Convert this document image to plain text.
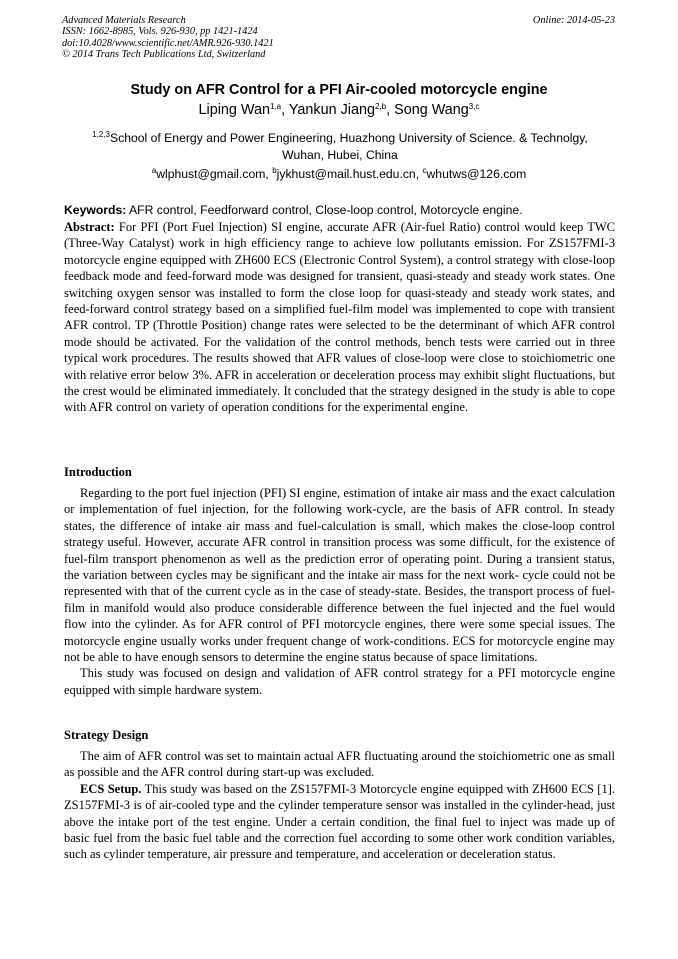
Advanced Materials Research
ISSN: 1662-8985, Vols. 926-930, pp 1421-1424
doi:10.4028/www.scientific.net/AMR.926-930.1421
© 2014 Trans Tech Publications Ltd, Switzerland
Online: 2014-05-23
Study on AFR Control for a PFI Air-cooled motorcycle engine
Liping Wan$^{1,a}$, Yankun Jiang$^{2,b}$, Song Wang$^{3,c}$
$^{1,2,3}$School of Energy and Power Engineering, Huazhong University of Science. & Technolgy, Wuhan, Hubei, China
$^a$wlphust@gmail.com, $^b$jykhust@mail.hust.edu.cn, $^c$whutws@126.com
Keywords: AFR control, Feedforward control, Close-loop control, Motorcycle engine.
Abstract: For PFI (Port Fuel Injection) SI engine, accurate AFR (Air-fuel Ratio) control would keep TWC (Three-Way Catalyst) work in high efficiency range to achieve low pollutants emission. For ZS157FMI-3 motorcycle engine equipped with ZH600 ECS (Electronic Control System), a control strategy with close-loop feedback mode and feed-forward mode was designed for transient, quasi-steady and steady work states. One switching oxygen sensor was installed to form the close loop for quasi-steady and steady work states, and feed-forward control strategy based on a simplified fuel-film model was implemented to cope with transient AFR control. TP (Throttle Position) change rates were selected to be the determinant of which AFR control mode should be activated. For the validation of the control methods, bench tests were carried out in three typical work procedures. The results showed that AFR values of close-loop were close to stoichiometric one with relative error below 3%. AFR in acceleration or deceleration process may exhibit slight fluctuations, but the crest would be eliminated immediately. It concluded that the strategy designed in the study is able to cope with AFR control on variety of operation conditions for the experimental engine.
Introduction

Regarding to the port fuel injection (PFI) SI engine, estimation of intake air mass and the exact calculation or implementation of fuel injection, for the following work-cycle, are the basis of AFR control. In steady states, the difference of intake air mass and fuel-calculation is small, which makes the close-loop control strategy useful. However, accurate AFR control in transition process was some difficult, for the existence of fuel-film transport phenomenon as well as the prediction error of operating point. During a transient status, the variation between cycles may be significant and the intake air mass for the next work- cycle could not be represented with that of the current cycle as in the case of steady-state. Besides, the transport process of fuel-film in manifold would also produce considerable difference between the fuel injected and the fuel would flow into the cylinder. As for AFR control of PFI motorcycle engines, there were some special issues. The motorcycle engine usually works under frequent change of work-conditions. ECS for motorcycle engine may not be able to have enough sensors to determine the engine status because of space limitations.

This study was focused on design and validation of AFR control strategy for a PFI motorcycle engine equipped with simple hardware system.

Strategy Design

The aim of AFR control was set to maintain actual AFR fluctuating around the stoichiometric one as small as possible and the AFR control during start-up was excluded.

ECS Setup. This study was based on the ZS157FMI-3 Motorcycle engine equipped with ZH600 ECS [1]. ZS157FMI-3 is of air-cooled type and the cylinder temperature sensor was installed in the cylinder-head, just above the intake port of the test engine. Under a certain condition, the final fuel to inject was made up of basic fuel from the basic fuel table and the correction fuel according to some other work condition variables, such as cylinder temperature, air pressure and temperature, and acceleration or deceleration status.
